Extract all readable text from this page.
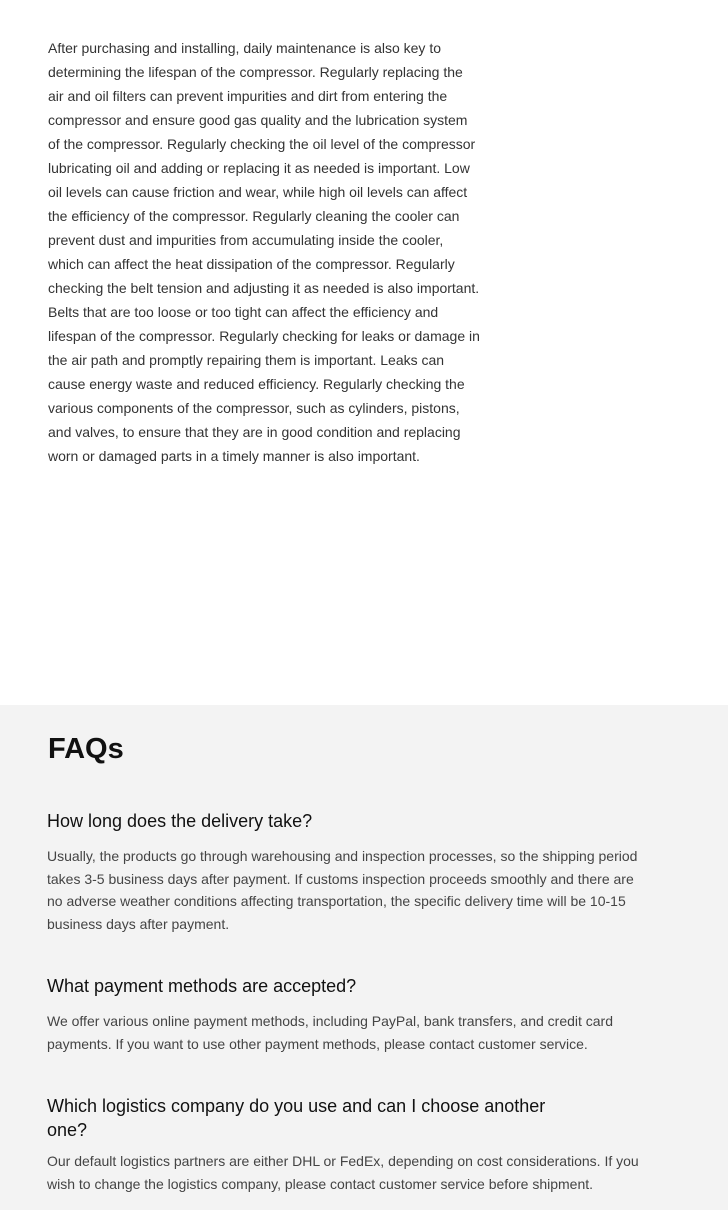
After purchasing and installing, daily maintenance is also key to determining the lifespan of the compressor. Regularly replacing the air and oil filters can prevent impurities and dirt from entering the compressor and ensure good gas quality and the lubrication system of the compressor. Regularly checking the oil level of the compressor lubricating oil and adding or replacing it as needed is important. Low oil levels can cause friction and wear, while high oil levels can affect the efficiency of the compressor. Regularly cleaning the cooler can prevent dust and impurities from accumulating inside the cooler, which can affect the heat dissipation of the compressor. Regularly checking the belt tension and adjusting it as needed is also important. Belts that are too loose or too tight can affect the efficiency and lifespan of the compressor. Regularly checking for leaks or damage in the air path and promptly repairing them is important. Leaks can cause energy waste and reduced efficiency. Regularly checking the various components of the compressor, such as cylinders, pistons, and valves, to ensure that they are in good condition and replacing worn or damaged parts in a timely manner is also important.

FAQs
How long does the delivery take?

Usually, the products go through warehousing and inspection processes, so the shipping period takes 3-5 business days after payment. If customs inspection proceeds smoothly and there are no adverse weather conditions affecting transportation, the specific delivery time will be 10-15 business days after payment.

What payment methods are accepted?

We offer various online payment methods, including PayPal, bank transfers, and credit card payments. If you want to use other payment methods, please contact customer service.

Which logistics company do you use and can I choose another one?

Our default logistics partners are either DHL or FedEx, depending on cost considerations. If you wish to change the logistics company, please contact customer service before shipment.
